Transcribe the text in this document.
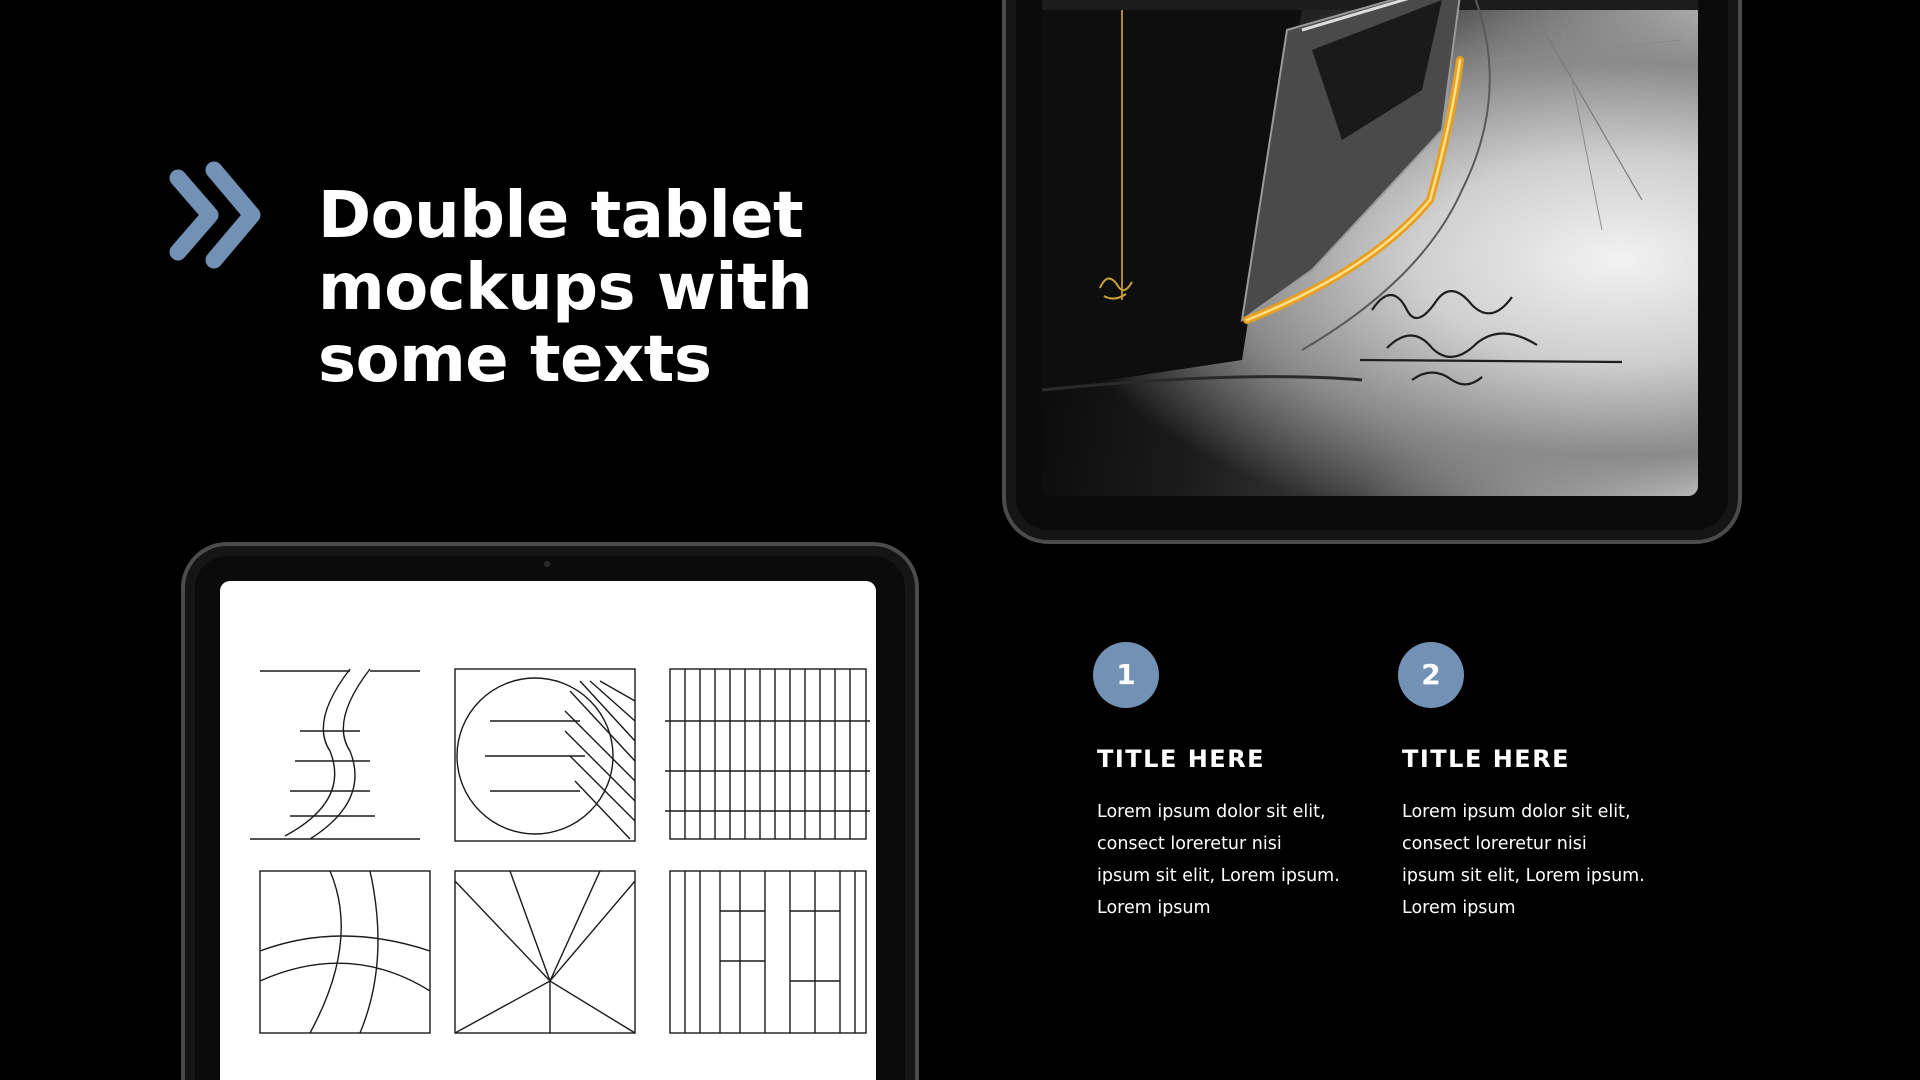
Double tablet
mockups with
some texts
1
TITLE HERE
Lorem ipsum dolor sit elit,
consect loreretur nisi
ipsum sit elit, Lorem ipsum.
Lorem ipsum
2
TITLE HERE
Lorem ipsum dolor sit elit,
consect loreretur nisi
ipsum sit elit, Lorem ipsum.
Lorem ipsum
